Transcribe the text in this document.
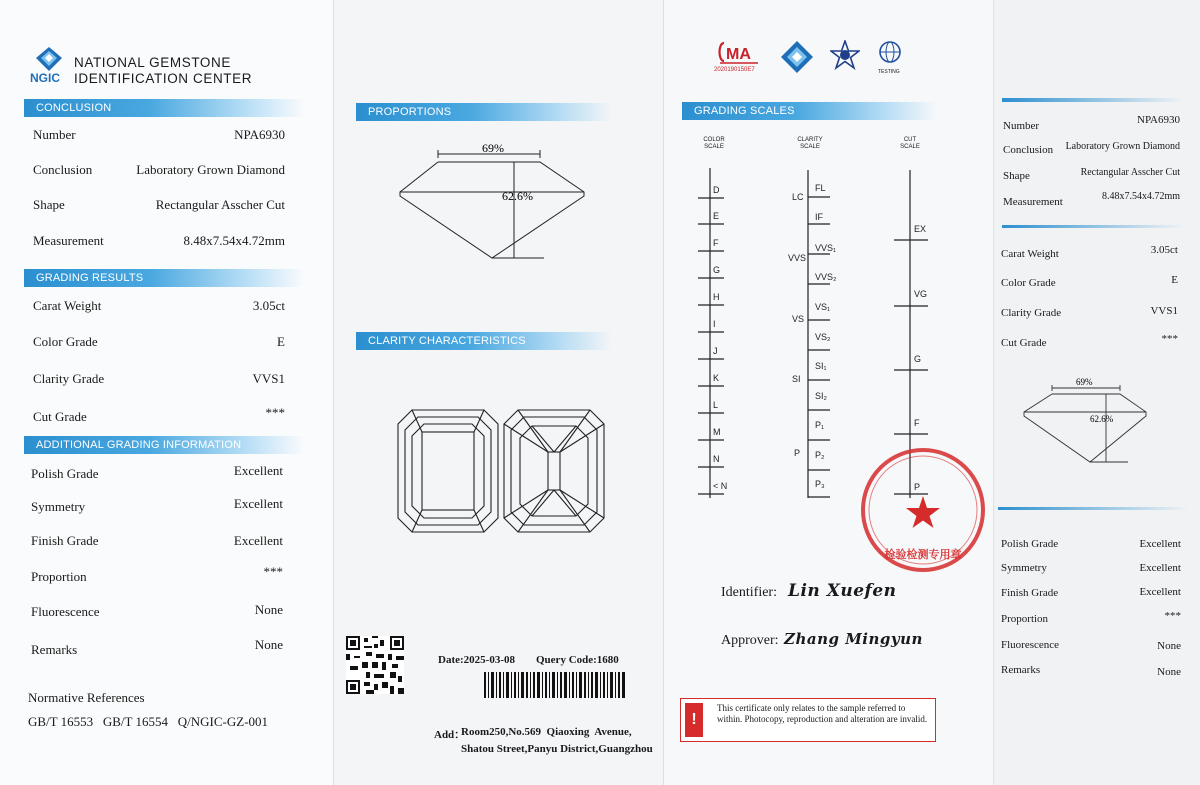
NGIC
NATIONAL GEMSTONE
IDENTIFICATION CENTER
CONCLUSION
Number	NPA6930
Conclusion	Laboratory Grown Diamond
Shape	Rectangular Asscher Cut
Measurement	8.48x7.54x4.72mm
GRADING RESULTS
Carat Weight	3.05ct
Color Grade	E
Clarity Grade	VVS1
Cut Grade	***
ADDITIONAL GRADING INFORMATION
Polish Grade	Excellent
Symmetry	Excellent
Finish Grade	Excellent
Proportion	***
Fluorescence	None
Remarks	None
Normative References
GB/T 16553   GB/T 16554   Q/NGIC-GZ-001
PROPORTIONS
69%
62.6%
CLARITY CHARACTERISTICS
Date:2025-03-08 Query Code:1680
Add：
Room250,No.569  Qiaoxing  Avenue,
Shatou Street,Panyu District,Guangzhou
MA
2020190150E7	TESTING
GRADING SCALES
COLOR
SCALE
CLARITY
SCALE
CUT
SCALE
D
E
F
G
H
I
J
K
L
M
N
< N
LC
VVS
VS
SI
P
FL
IF
VVS₁
VVS₂
VS₁
VS₂
SI₁
SI₂
P₁
P₂
P₃
EX
VG
G
F
P
检验检测专用章
Identifier: Lin Xuefen
Approver: Zhang Mingyun
!
This certificate only relates to the sample referred to within. Photocopy, reproduction and alteration are invalid.
Number	NPA6930
Conclusion Laboratory Grown Diamond
Shape	Rectangular Asscher Cut
Measurement	8.48x7.54x4.72mm
Carat Weight	3.05ct
Color Grade	E
Clarity Grade	VVS1
Cut Grade	***
69%
62.6%
Polish Grade	Excellent
Symmetry	Excellent
Finish Grade	Excellent
Proportion	***
Fluorescence	None
Remarks	None
